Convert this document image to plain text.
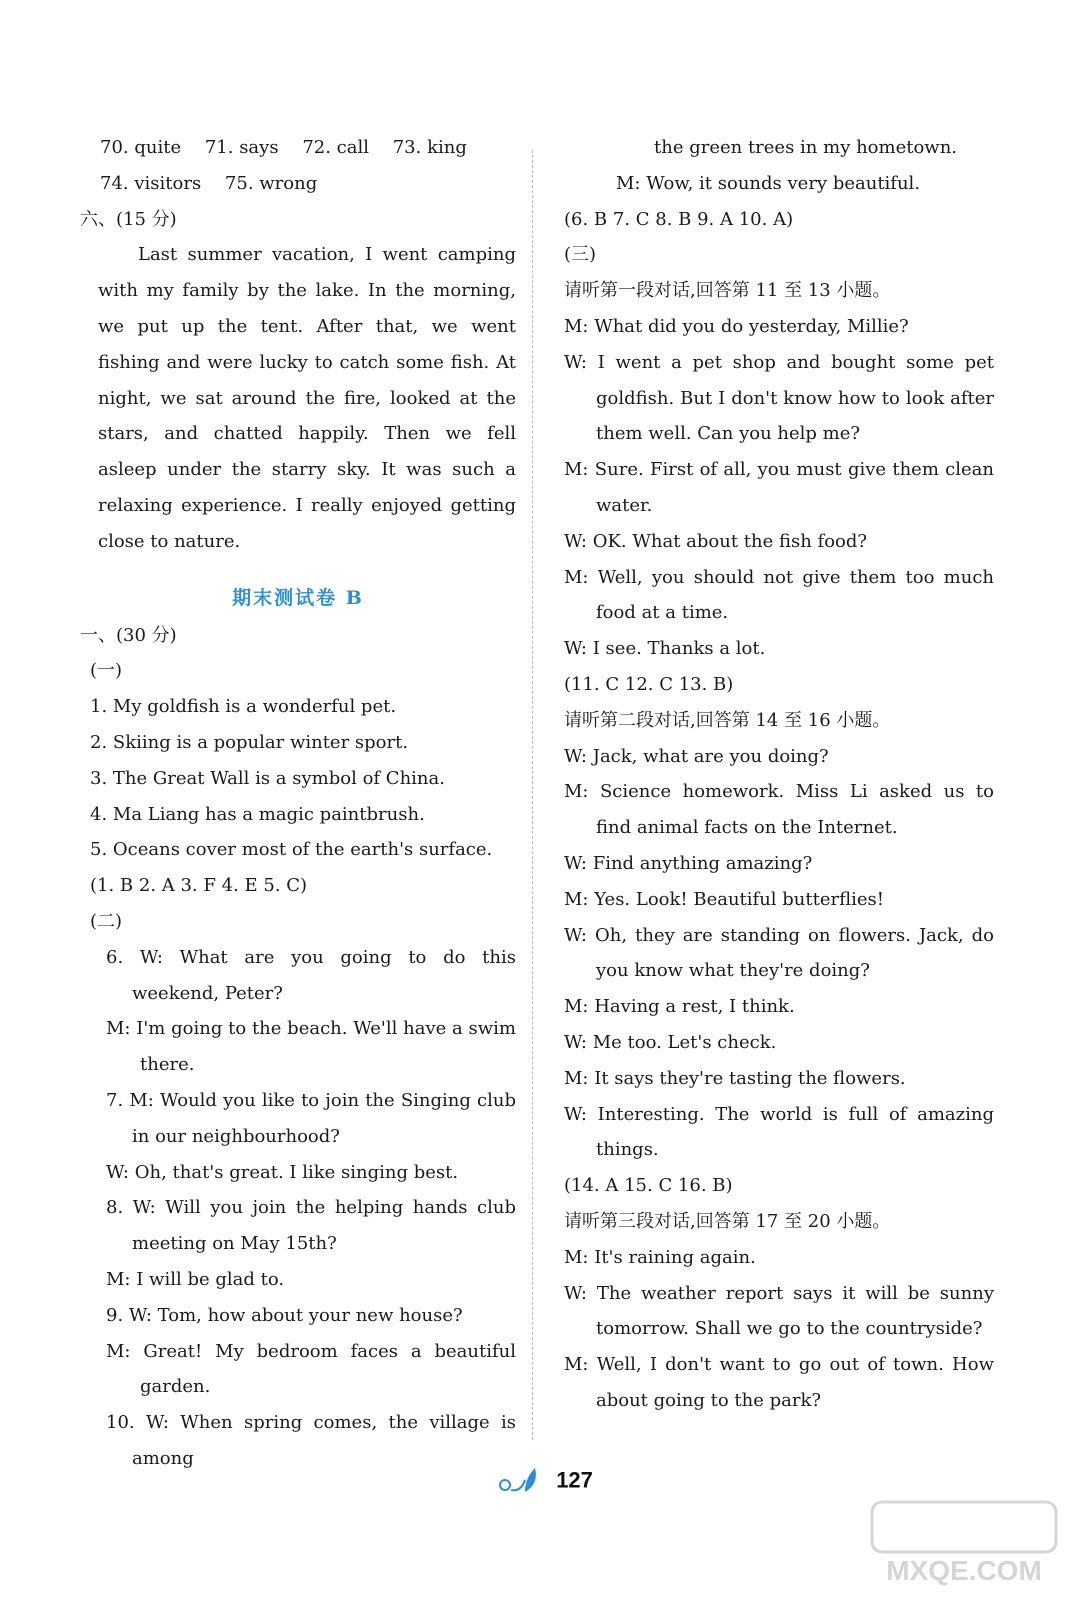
70. quite 71. says 72. call 73. king
74. visitors 75. wrong
六、(15 分)

Last summer vacation, I went camping with my family by the lake. In the morning, we put up the tent. After that, we went fishing and were lucky to catch some fish. At night, we sat around the fire, looked at the stars, and chatted happily. Then we fell asleep under the starry sky. It was such a relaxing experience. I really enjoyed getting close to nature.

期末测试卷 B
一、(30 分)
(一)
1. My goldfish is a wonderful pet.
2. Skiing is a popular winter sport.
3. The Great Wall is a symbol of China.
4. Ma Liang has a magic paintbrush.
5. Oceans cover most of the earth's surface.
(1. B 2. A 3. F 4. E 5. C)
(二)

6. W: What are you going to do this weekend, Peter?

M: I'm going to the beach. We'll have a swim there.

7. M: Would you like to join the Singing club in our neighbourhood?

W: Oh, that's great. I like singing best.

8. W: Will you join the helping hands club meeting on May 15th?

M: I will be glad to.

9. W: Tom, how about your new house?

M: Great! My bedroom faces a beautiful garden.

10. W: When spring comes, the village is among

the green trees in my hometown.
M: Wow, it sounds very beautiful.
(6. B 7. C 8. B 9. A 10. A)
(三)
请听第一段对话,回答第 11 至 13 小题。

M: What did you do yesterday, Millie?

W: I went a pet shop and bought some pet goldfish. But I don't know how to look after them well. Can you help me?

M: Sure. First of all, you must give them clean water.

W: OK. What about the fish food?

M: Well, you should not give them too much food at a time.

W: I see. Thanks a lot.

(11. C 12. C 13. B)
请听第二段对话,回答第 14 至 16 小题。

W: Jack, what are you doing?

M: Science homework. Miss Li asked us to find animal facts on the Internet.

W: Find anything amazing?

M: Yes. Look! Beautiful butterflies!

W: Oh, they are standing on flowers. Jack, do you know what they're doing?

M: Having a rest, I think.

W: Me too. Let's check.

M: It says they're tasting the flowers.

W: Interesting. The world is full of amazing things.

(14. A 15. C 16. B)
请听第三段对话,回答第 17 至 20 小题。

M: It's raining again.

W: The weather report says it will be sunny tomorrow. Shall we go to the countryside?

M: Well, I don't want to go out of town. How about going to the park?

127
MXQE.COM
